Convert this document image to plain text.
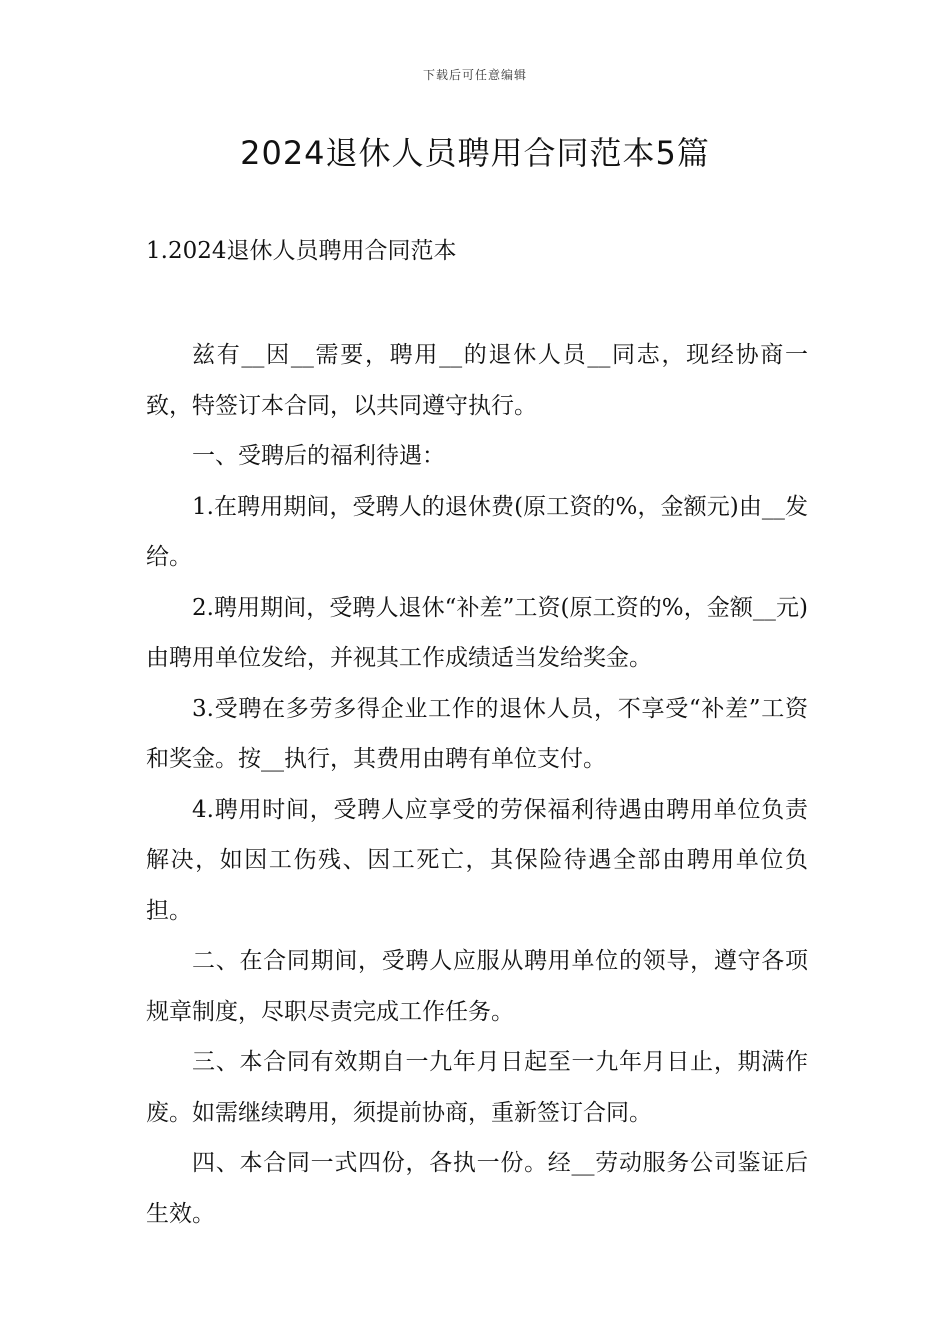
下载后可任意编辑
2024退休人员聘用合同范本5篇
1.2024退休人员聘用合同范本

兹有__因__需要，聘用__的退休人员__同志，现经协商一致，特签订本合同，以共同遵守执行。

一、受聘后的福利待遇：

1.在聘用期间，受聘人的退休费(原工资的%，金额元)由__发给。

2.聘用期间，受聘人退休“补差”工资(原工资的%，金额__元)由聘用单位发给，并视其工作成绩适当发给奖金。

3.受聘在多劳多得企业工作的退休人员，不享受“补差”工资和奖金。按__执行，其费用由聘有单位支付。

4.聘用时间，受聘人应享受的劳保福利待遇由聘用单位负责解决，如因工伤残、因工死亡，其保险待遇全部由聘用单位负担。

二、在合同期间，受聘人应服从聘用单位的领导，遵守各项规章制度，尽职尽责完成工作任务。

三、本合同有效期自一九年月日起至一九年月日止，期满作废。如需继续聘用，须提前协商，重新签订合同。

四、本合同一式四份，各执一份。经__劳动服务公司鉴证后生效。
